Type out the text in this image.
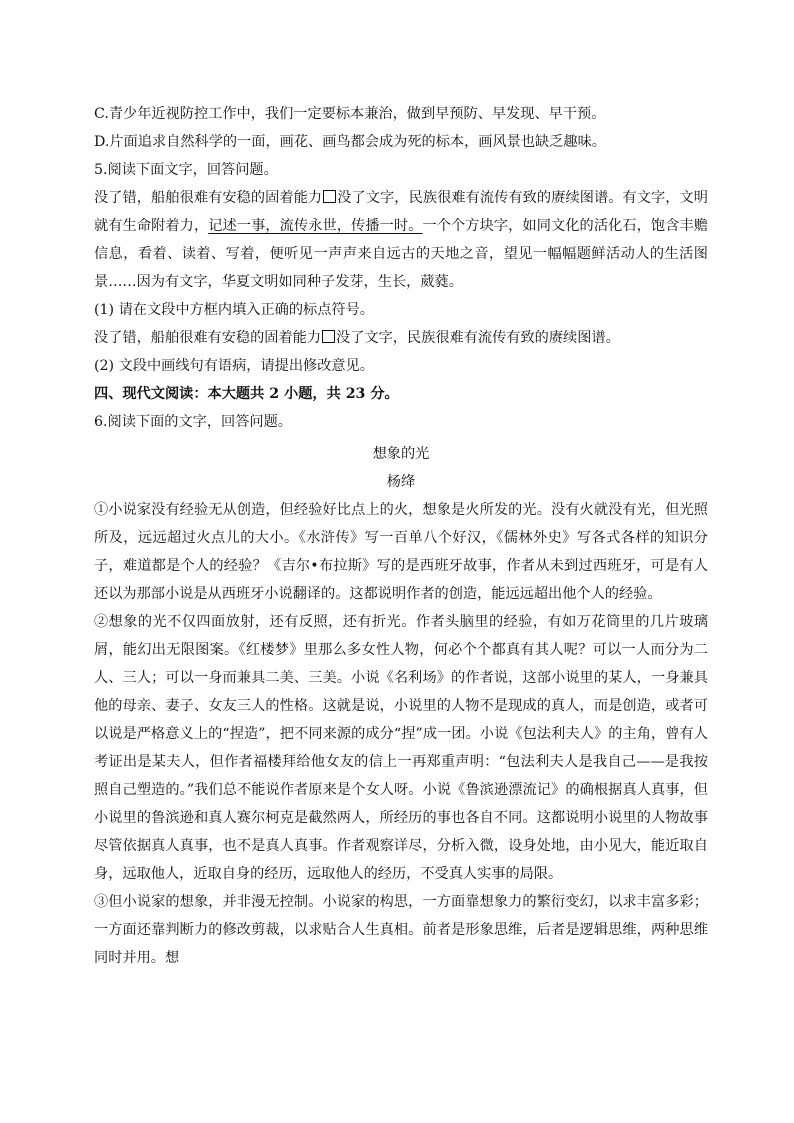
C.青少年近视防控工作中，我们一定要标本兼治，做到早预防、早发现、早干预。

D.片面追求自然科学的一面，画花、画鸟都会成为死的标本，画风景也缺乏趣味。

5.阅读下面文字，回答问题。

没了错，船舶很难有安稳的固着能力 没了文字，民族很难有流传有致的赓续图谱。有文字，文明就有生命附着力，记述一事，流传永世，传播一时。一个个方块字，如同文化的活化石，饱含丰赡信息，看着、读着、写着，便听见一声声来自远古的天地之音，望见一幅幅题鲜活动人的生活图景……因为有文字，华夏文明如同种子发芽，生长，葳蕤。

(1) 请在文段中方框内填入正确的标点符号。

没了错，船舶很难有安稳的固着能力 没了文字，民族很难有流传有致的赓续图谱。

(2) 文段中画线句有语病，请提出修改意见。

四、现代文阅读：本大题共 2 小题，共 23 分。

6.阅读下面的文字，回答问题。

想象的光

杨绛

①小说家没有经验无从创造，但经验好比点上的火，想象是火所发的光。没有火就没有光，但光照所及，远远超过火点儿的大小。《水浒传》写一百单八个好汉，《儒林外史》写各式各样的知识分子，难道都是个人的经验？《吉尔•布拉斯》写的是西班牙故事，作者从未到过西班牙，可是有人还以为那部小说是从西班牙小说翻译的。这都说明作者的创造，能远远超出他个人的经验。

②想象的光不仅四面放射，还有反照，还有折光。作者头脑里的经验，有如万花筒里的几片玻璃屑，能幻出无限图案。《红楼梦》里那么多女性人物，何必个个都真有其人呢？可以一人而分为二人、三人；可以一身而兼具二美、三美。小说《名利场》的作者说，这部小说里的某人，一身兼具他的母亲、妻子、女友三人的性格。这就是说，小说里的人物不是现成的真人，而是创造，或者可以说是严格意义上的“捏造”，把不同来源的成分“捏”成一团。小说《包法利夫人》的主角，曾有人考证出是某夫人，但作者福楼拜给他女友的信上一再郑重声明：“包法利夫人是我自己——是我按照自己塑造的。”我们总不能说作者原来是个女人呀。小说《鲁滨逊漂流记》的确根据真人真事，但小说里的鲁滨逊和真人赛尔柯克是截然两人，所经历的事也各自不同。这都说明小说里的人物故事尽管依据真人真事，也不是真人真事。作者观察详尽，分析入微，设身处地，由小见大，能近取自身，远取他人，近取自身的经历，远取他人的经历，不受真人实事的局限。

③但小说家的想象，并非漫无控制。小说家的构思，一方面靠想象力的繁衍变幻，以求丰富多彩；一方面还靠判断力的修改剪裁，以求贴合人生真相。前者是形象思维，后者是逻辑思维，两种思维同时并用。想
